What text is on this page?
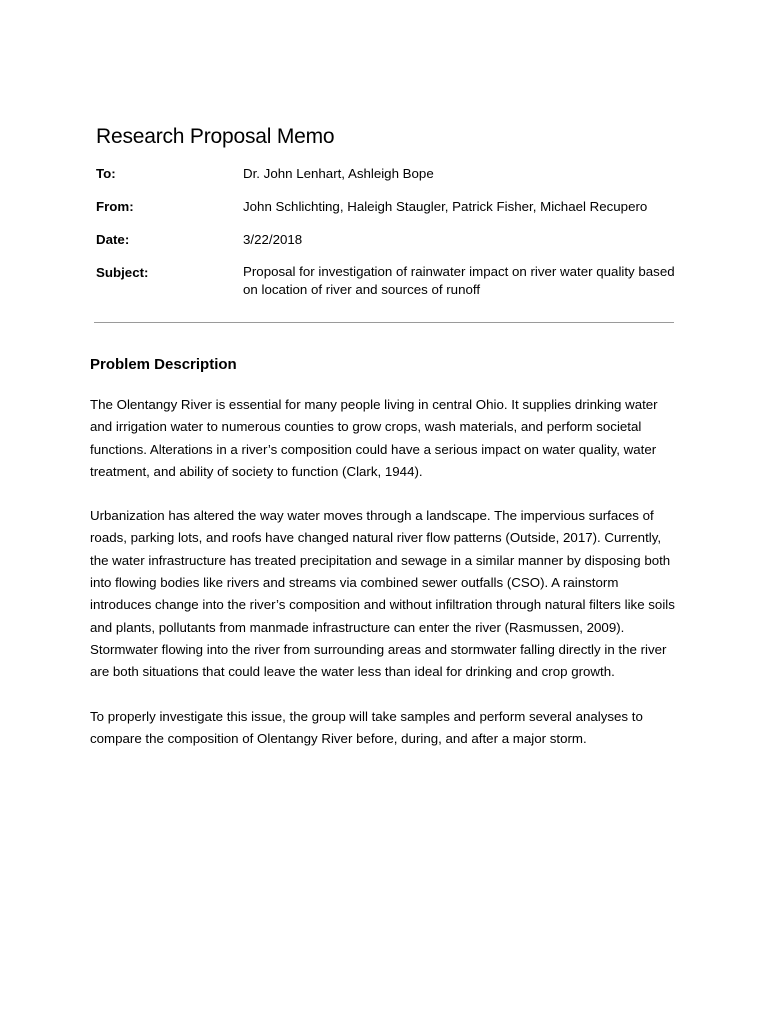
Research Proposal Memo
To:	Dr. John Lenhart, Ashleigh Bope
From:	John Schlichting, Haleigh Staugler, Patrick Fisher, Michael Recupero
Date:	3/22/2018
Subject:	Proposal for investigation of rainwater impact on river water quality based on location of river and sources of runoff
Problem Description

The Olentangy River is essential for many people living in central Ohio. It supplies drinking water and irrigation water to numerous counties to grow crops, wash materials, and perform societal functions. Alterations in a river’s composition could have a serious impact on water quality, water treatment, and ability of society to function (Clark, 1944).

Urbanization has altered the way water moves through a landscape. The impervious surfaces of roads, parking lots, and roofs have changed natural river flow patterns (Outside, 2017). Currently, the water infrastructure has treated precipitation and sewage in a similar manner by disposing both into flowing bodies like rivers and streams via combined sewer outfalls (CSO). A rainstorm introduces change into the river’s composition and without infiltration through natural filters like soils and plants, pollutants from manmade infrastructure can enter the river (Rasmussen, 2009). Stormwater flowing into the river from surrounding areas and stormwater falling directly in the river are both situations that could leave the water less than ideal for drinking and crop growth.

To properly investigate this issue, the group will take samples and perform several analyses to compare the composition of Olentangy River before, during, and after a major storm.
